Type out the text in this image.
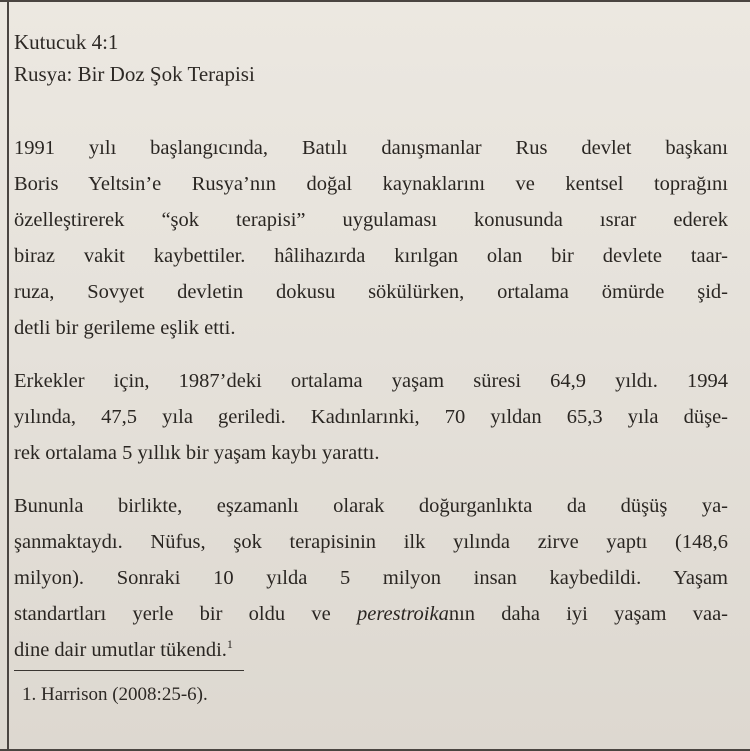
Kutucuk 4:1
Rusya: Bir Doz Şok Terapisi

1991 yılı başlangıcında, Batılı danışmanlar Rus devlet başkanı
Boris Yeltsin’e Rusya’nın doğal kaynaklarını ve kentsel toprağını
özelleştirerek “şok terapisi” uygulaması konusunda ısrar ederek
biraz vakit kaybettiler. hâlihazırda kırılgan olan bir devlete taar-
ruza, Sovyet devletin dokusu sökülürken, ortalama ömürde şid-
detli bir gerileme eşlik etti.

Erkekler için, 1987’deki ortalama yaşam süresi 64,9 yıldı. 1994
yılında, 47,5 yıla geriledi. Kadınlarınki, 70 yıldan 65,3 yıla düşe-
rek ortalama 5 yıllık bir yaşam kaybı yarattı.

Bununla birlikte, eşzamanlı olarak doğurganlıkta da düşüş ya-
şanmaktaydı. Nüfus, şok terapisinin ilk yılında zirve yaptı (148,6
milyon). Sonraki 10 yılda 5 milyon insan kaybedildi. Yaşam
standartları yerle bir oldu ve perestroikanın daha iyi yaşam vaa-
dine dair umutlar tükendi.$^1$

1. Harrison (2008:25-6).
